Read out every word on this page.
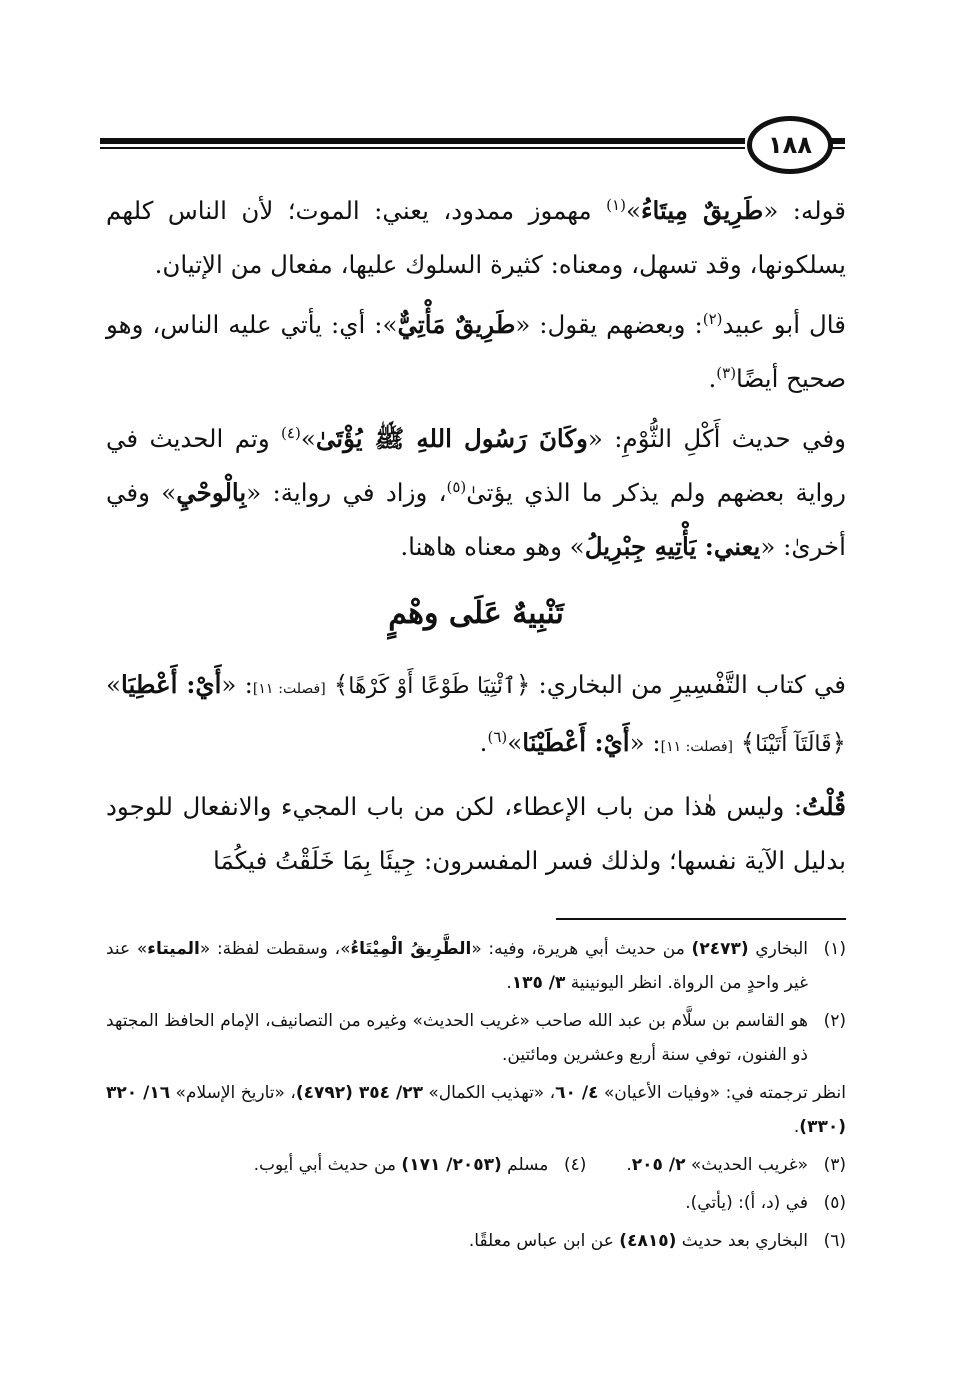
١٨٨

قوله: «طَرِيقٌ مِيتَاءُ»$^{(١)}$ مهموز ممدود، يعني: الموت؛ لأن الناس كلهم يسلكونها، وقد تسهل، ومعناه: كثيرة السلوك عليها، مفعال من الإتيان.

قال أبو عبيد$^{(٢)}$: وبعضهم يقول: «طَرِيقٌ مَأْتِيٌّ»: أي: يأتي عليه الناس، وهو صحيح أيضًا$^{(٣)}$.

وفي حديث أَكْلِ الثُّوْمِ: «وكَانَ رَسُول اللهِ ﷺ يُؤْتَىٰ»$^{(٤)}$ وتم الحديث في رواية بعضهم ولم يذكر ما الذي يؤتىٰ$^{(٥)}$، وزاد في رواية: «بِالْوحْيِ» وفي أخرىٰ: «يعني: يَأْتِيهِ جِبْرِيلُ» وهو معناه هاهنا.

تَنْبِيهٌ عَلَى وهْمٍ

في كتاب التَّفْسِيرِ من البخاري: ﴿ٱئْتِيَا طَوْعًا أَوْ كَرْهًا﴾ [فصلت: ١١]: «أَيْ: أَعْطِيَا» ﴿قَالَتَآ أَتَيْنَا﴾ [فصلت: ١١]: «أَيْ: أَعْطَيْنَا»$^{(٦)}$.

قُلْتُ: وليس هٰذا من باب الإعطاء، لكن من باب المجيء والانفعال للوجود بدليل الآية نفسها؛ ولذلك فسر المفسرون: جِيئَا بِمَا خَلَقْتُ فيكُمَا

(١)
البخاري (٢٤٧٣) من حديث أبي هريرة، وفيه: «الطَّرِيقُ الْمِيْتَاءُ»، وسقطت لفظة: «الميتاء» عند غير واحدٍ من الرواة. انظر اليونينية ٣/ ١٣٥.
(٢)
هو القاسم بن سلَّام بن عبد الله صاحب «غريب الحديث» وغيره من التصانيف، الإمام الحافظ المجتهد ذو الفنون، توفي سنة أربع وعشرين ومائتين.
انظر ترجمته في: «وفيات الأعيان» ٤/ ٦٠، «تهذيب الكمال» ٢٣/ ٣٥٤ (٤٧٩٢)، «تاريخ الإسلام» ١٦/ ٣٢٠ (٣٣٠).
(٣)
«غريب الحديث» ٢/ ٢٠٥.
(٤)
مسلم (٢٠٥٣/ ١٧١) من حديث أبي أيوب.
(٥)
في (د، أ): (يأتي).
(٦)
البخاري بعد حديث (٤٨١٥) عن ابن عباس معلقًا.
